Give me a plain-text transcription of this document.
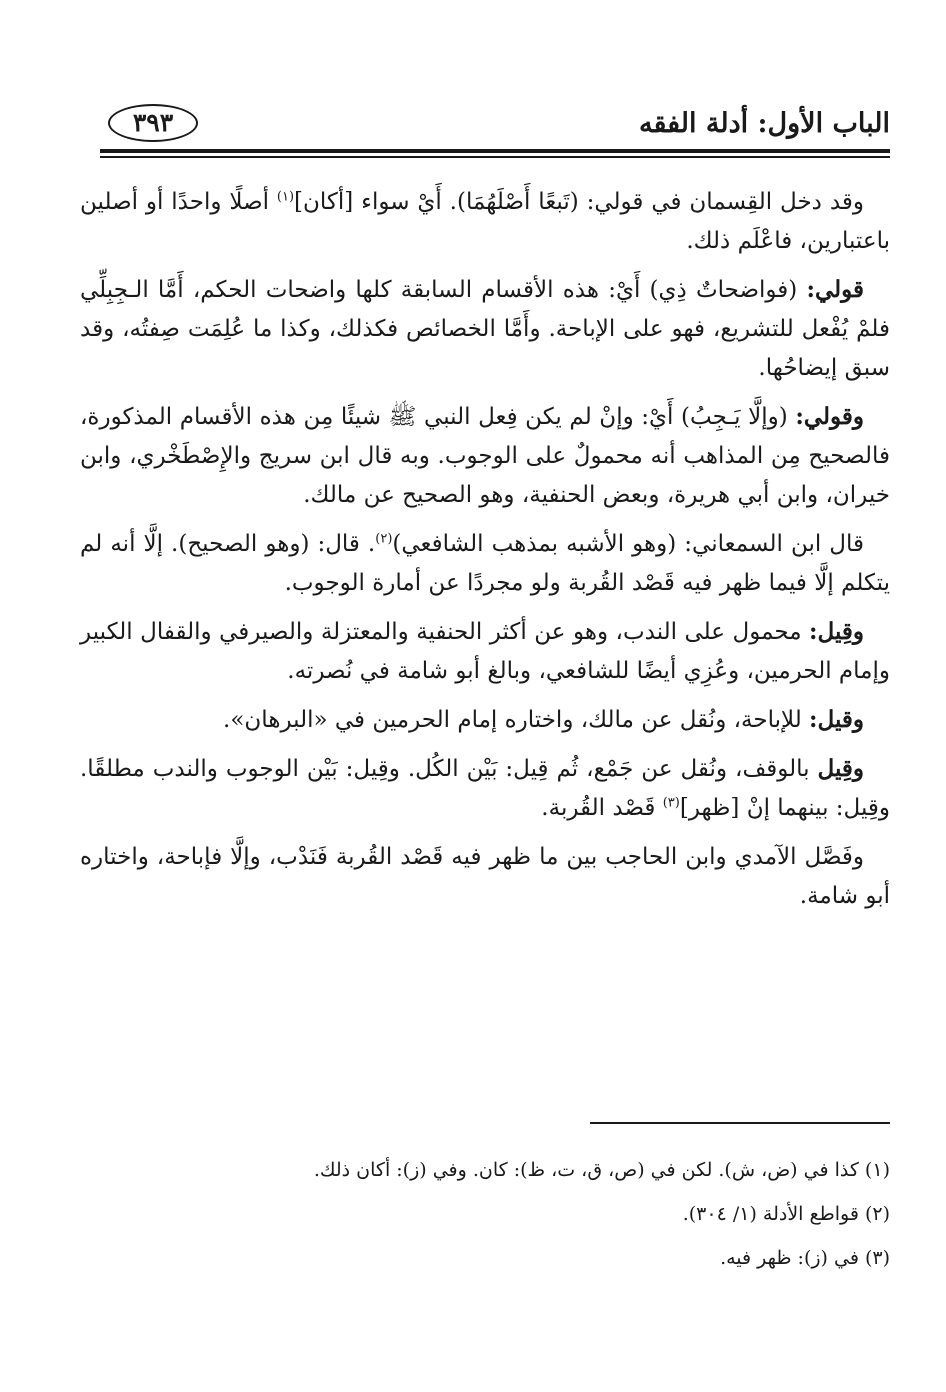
الباب الأول: أدلة الفقه
٣٩٣

وقد دخل القِسمان في قولي: (تَبعًا أَصْلَهُمَا). أَيْ سواء [أكان]$^{(١)}$ أصلًا واحدًا أو أصلين باعتبارين، فاعْلَم ذلك.

قولي: (فواضحاتٌ ذِي) أَيْ: هذه الأقسام السابقة كلها واضحات الحكم، أَمَّا الـجِبِلِّي فلمْ يُفْعل للتشريع، فهو على الإباحة. وأَمَّا الخصائص فكذلك، وكذا ما عُلِمَت صِفتُه، وقد سبق إيضاحُها.

وقولي: (وإلَّا يَـجِبُ) أَيْ: وإنْ لم يكن فِعل النبي ﷺ شيئًا مِن هذه الأقسام المذكورة، فالصحيح مِن المذاهب أنه محمولٌ على الوجوب. وبه قال ابن سريج والإِصْطَخْري، وابن خيران، وابن أبي هريرة، وبعض الحنفية، وهو الصحيح عن مالك.

قال ابن السمعاني: (وهو الأشبه بمذهب الشافعي)$^{(٢)}$. قال: (وهو الصحيح). إلَّا أنه لم يتكلم إلَّا فيما ظهر فيه قَصْد القُربة ولو مجردًا عن أمارة الوجوب.

وقِيل: محمول على الندب، وهو عن أكثر الحنفية والمعتزلة والصيرفي والقفال الكبير وإمام الحرمين، وعُزِي أيضًا للشافعي، وبالغ أبو شامة في نُصرته.

وقيل: للإباحة، ونُقل عن مالك، واختاره إمام الحرمين في «البرهان».

وقِيل بالوقف، ونُقل عن جَمْع، ثُم قِيل: بَيْن الكُل. وقِيل: بَيْن الوجوب والندب مطلقًا. وقِيل: بينهما إنْ [ظهر]$^{(٣)}$ قَصْد القُربة.

وفَصَّل الآمدي وابن الحاجب بين ما ظهر فيه قَصْد القُربة فَنَدْب، وإلَّا فإباحة، واختاره أبو شامة.

(١) كذا في (ض، ش). لكن في (ص، ق، ت، ظ): كان. وفي (ز): أكان ذلك.

(٢) قواطع الأدلة (١/ ٣٠٤).

(٣) في (ز): ظهر فيه.
